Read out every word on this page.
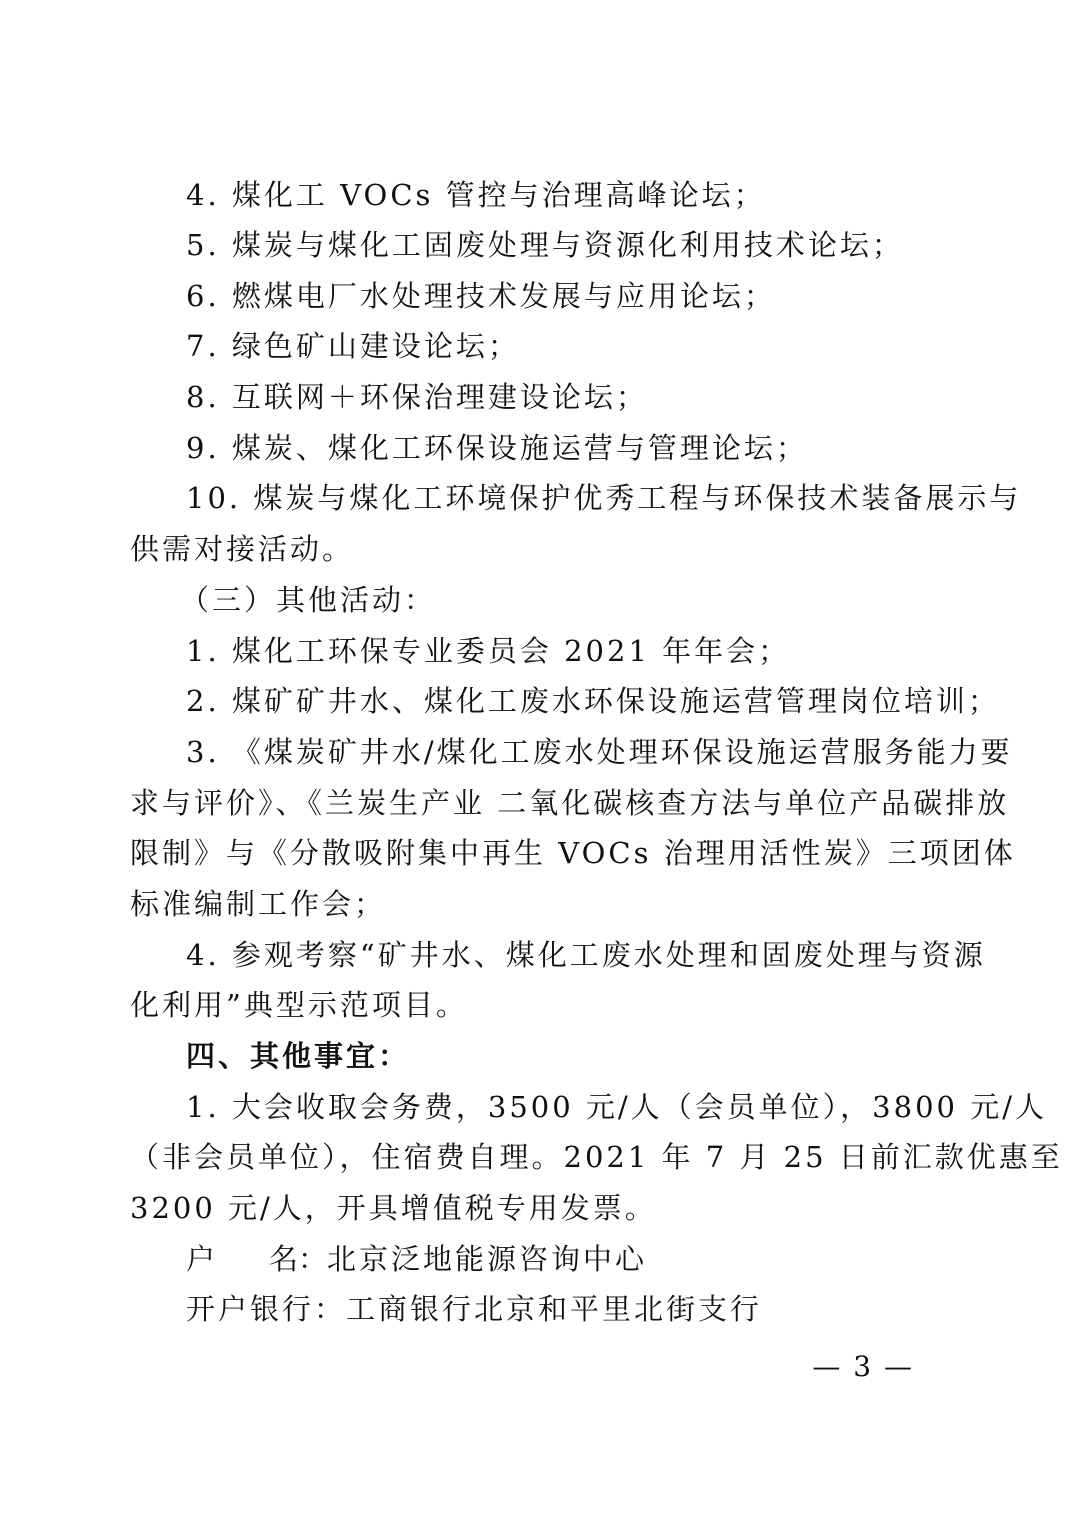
4. 煤化工 VOCs 管控与治理高峰论坛；
5. 煤炭与煤化工固废处理与资源化利用技术论坛；
6. 燃煤电厂水处理技术发展与应用论坛；
7. 绿色矿山建设论坛；
8. 互联网＋环保治理建设论坛；
9. 煤炭、煤化工环保设施运营与管理论坛；
10. 煤炭与煤化工环境保护优秀工程与环保技术装备展示与
供需对接活动。
（三）其他活动：
1. 煤化工环保专业委员会 2021 年年会；
2. 煤矿矿井水、煤化工废水环保设施运营管理岗位培训；
3. 《煤炭矿井水/煤化工废水处理环保设施运营服务能力要
求与评价》、《兰炭生产业 二氧化碳核查方法与单位产品碳排放
限制》与《分散吸附集中再生 VOCs 治理用活性炭》三项团体
标准编制工作会；
4. 参观考察“矿井水、煤化工废水处理和固废处理与资源
化利用”典型示范项目。
四、其他事宜：
1. 大会收取会务费，3500 元/人（会员单位），3800 元/人
（非会员单位），住宿费自理。2021 年 7 月 25 日前汇款优惠至
3200 元/人，开具增值税专用发票。
户 名：北京泛地能源咨询中心
开户银行：工商银行北京和平里北街支行
— 3 —
